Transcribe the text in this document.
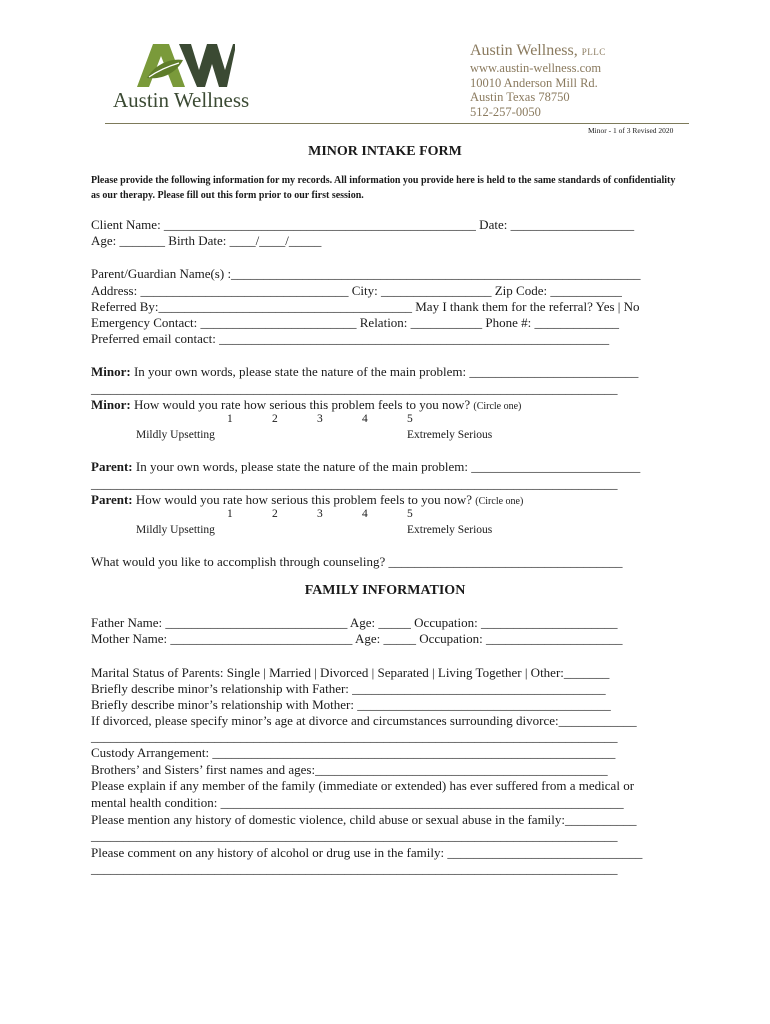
Austin Wellness
Austin Wellness, PLLC
www.austin-wellness.com
10010 Anderson Mill Rd.
Austin Texas 78750
512-257-0050
Minor - 1 of 3 Revised 2020
MINOR INTAKE FORM
Please provide the following information for my records. All information you provide here is held to the same standards of confidentiality as our therapy. Please fill out this form prior to our first session.
Client Name: ________________________________________________ Date: ___________________
Age: _______ Birth Date: ____/____/_____
Parent/Guardian Name(s) :_______________________________________________________________
Address: ________________________________ City: _________________ Zip Code: ___________
Referred By:_______________________________________ May I thank them for the referral? Yes | No
Emergency Contact: ________________________ Relation: ___________ Phone #: _____________
Preferred email contact: ____________________________________________________________
Minor: In your own words, please state the nature of the main problem: __________________________
_________________________________________________________________________________
Minor: How would you rate how serious this problem feels to you now? (Circle one)
1	2	3	4	5
Mildly Upsetting	Extremely Serious
Parent: In your own words, please state the nature of the main problem: __________________________
_________________________________________________________________________________
Parent: How would you rate how serious this problem feels to you now? (Circle one)
1	2	3	4	5
Mildly Upsetting	Extremely Serious
What would you like to accomplish through counseling? ____________________________________
FAMILY INFORMATION
Father Name: ____________________________ Age: _____ Occupation: _____________________
Mother Name: ____________________________ Age: _____ Occupation: _____________________
Marital Status of Parents: Single | Married | Divorced | Separated | Living Together | Other:_______
Briefly describe minor’s relationship with Father: _______________________________________
Briefly describe minor’s relationship with Mother: _______________________________________
If divorced, please specify minor’s age at divorce and circumstances surrounding divorce:____________
_________________________________________________________________________________
Custody Arrangement: ______________________________________________________________
Brothers’ and Sisters’ first names and ages:_____________________________________________
Please explain if any member of the family (immediate or extended) has ever suffered from a medical or
mental health condition: ______________________________________________________________
Please mention any history of domestic violence, child abuse or sexual abuse in the family:___________
_________________________________________________________________________________
Please comment on any history of alcohol or drug use in the family: ______________________________
_________________________________________________________________________________
